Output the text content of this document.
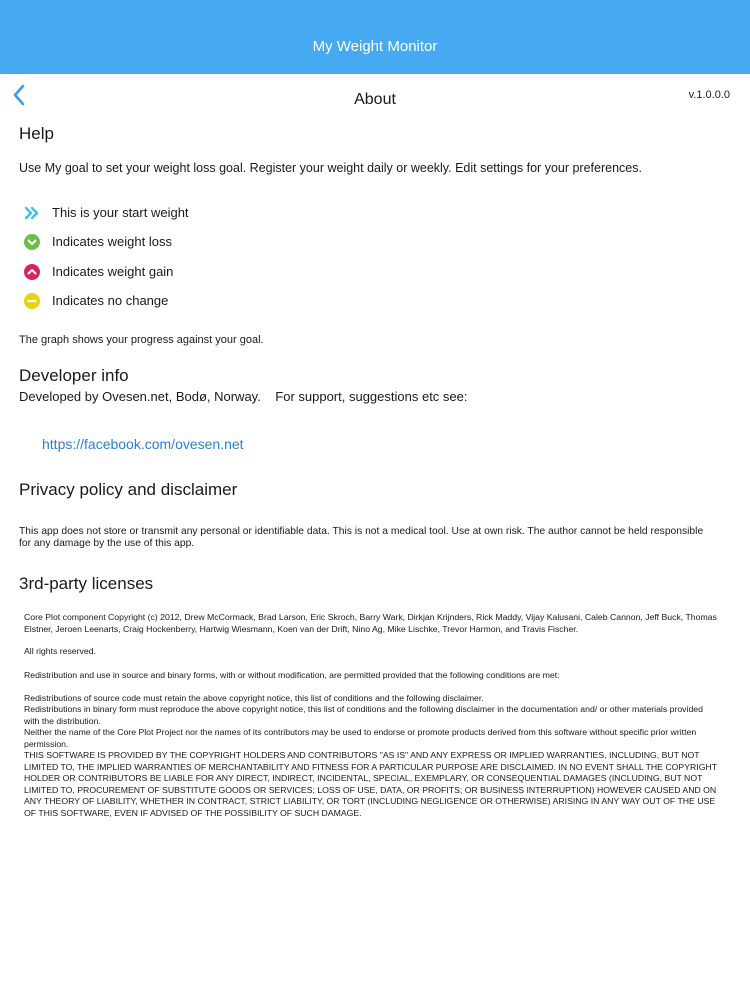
My Weight Monitor
About	v.1.0.0.0
Help

Use My goal to set your weight loss goal. Register your weight daily or weekly. Edit settings for your preferences.

This is your start weight
Indicates weight loss
Indicates weight gain
Indicates no change

The graph shows your progress against your goal.

Developer info

Developed by Ovesen.net, Bodø, Norway.    For support, suggestions etc see:

https://facebook.com/ovesen.net
Privacy policy and disclaimer

This app does not store or transmit any personal or identifiable data. This is not a medical tool. Use at own risk. The author cannot be held responsible for any damage by the use of this app.

3rd-party licenses

Core Plot component Copyright (c) 2012, Drew McCormack, Brad Larson, Eric Skroch, Barry Wark, Dirkjan Krijnders, Rick Maddy, Vijay Kalusani, Caleb Cannon, Jeff Buck, Thomas Elstner, Jeroen Leenarts, Craig Hockenberry, Hartwig Wiesmann, Koen van der Drift, Nino Ag, Mike Lischke, Trevor Harmon, and Travis Fischer.

All rights reserved.

Redistribution and use in source and binary forms, with or without modification, are permitted provided that the following conditions are met:

Redistributions of source code must retain the above copyright notice, this list of conditions and the following disclaimer.

Redistributions in binary form must reproduce the above copyright notice, this list of conditions and the following disclaimer in the documentation and/ or other materials provided with the distribution.

Neither the name of the Core Plot Project nor the names of its contributors may be used to endorse or promote products derived from this software without specific prior written permission.

THIS SOFTWARE IS PROVIDED BY THE COPYRIGHT HOLDERS AND CONTRIBUTORS "AS IS" AND ANY EXPRESS OR IMPLIED WARRANTIES, INCLUDING, BUT NOT LIMITED TO, THE IMPLIED WARRANTIES OF MERCHANTABILITY AND FITNESS FOR A PARTICULAR PURPOSE ARE DISCLAIMED. IN NO EVENT SHALL THE COPYRIGHT HOLDER OR CONTRIBUTORS BE LIABLE FOR ANY DIRECT, INDIRECT, INCIDENTAL, SPECIAL, EXEMPLARY, OR CONSEQUENTIAL DAMAGES (INCLUDING, BUT NOT LIMITED TO, PROCUREMENT OF SUBSTITUTE GOODS OR SERVICES; LOSS OF USE, DATA, OR PROFITS; OR BUSINESS INTERRUPTION) HOWEVER CAUSED AND ON ANY THEORY OF LIABILITY, WHETHER IN CONTRACT, STRICT LIABILITY, OR TORT (INCLUDING NEGLIGENCE OR OTHERWISE) ARISING IN ANY WAY OUT OF THE USE OF THIS SOFTWARE, EVEN IF ADVISED OF THE POSSIBILITY OF SUCH DAMAGE.
